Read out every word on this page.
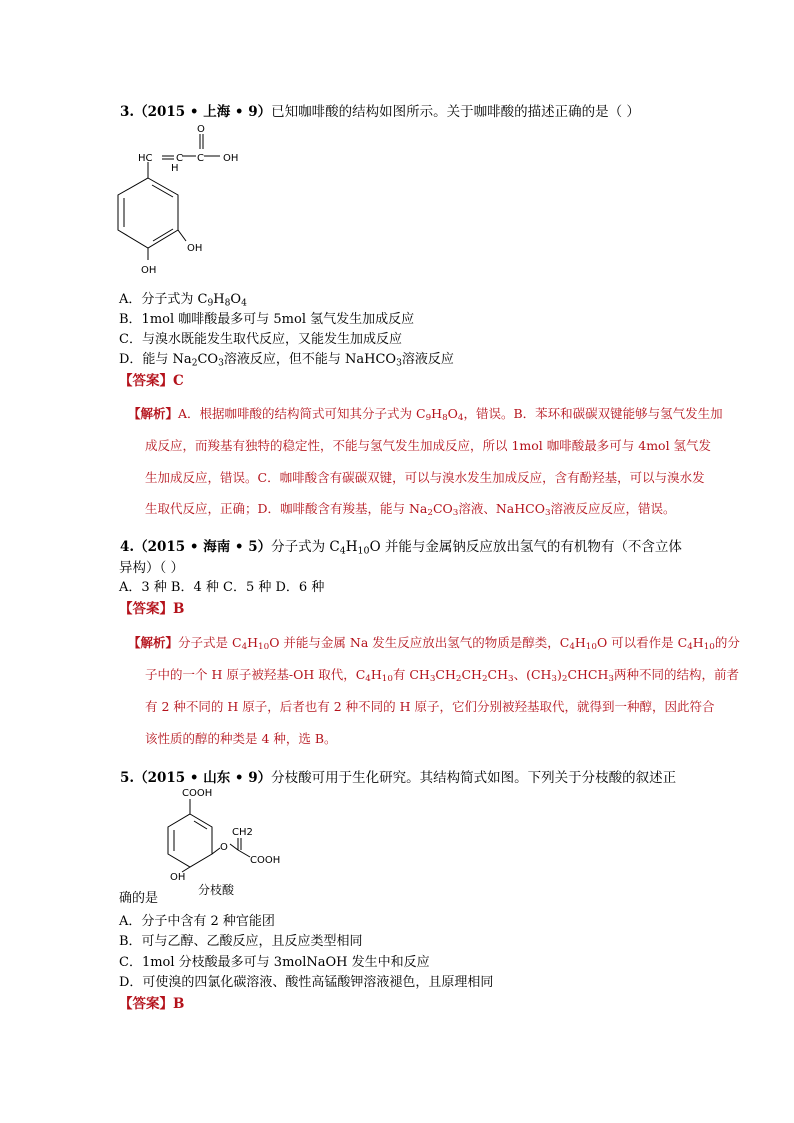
3.（2015 • 上海 • 9）已知咖啡酸的结构如图所示。关于咖啡酸的描述正确的是（ ）
O
HC C
H
C OH
OH
OH
A．分子式为 $C_9H_8O_4$
B．1mol 咖啡酸最多可与 5mol 氢气发生加成反应
C．与溴水既能发生取代反应，又能发生加成反应
D．能与 $Na_2CO_3$溶液反应，但不能与 NaHCO$_3$溶液反应
【答案】C
【解析】A．根据咖啡酸的结构简式可知其分子式为 $C_9H_8O_4$，错误。B．苯环和碳碳双键能够与氢气发生加
成反应，而羧基有独特的稳定性，不能与氢气发生加成反应，所以 1mol 咖啡酸最多可与 4mol 氢气发
生加成反应，错误。C．咖啡酸含有碳碳双键，可以与溴水发生加成反应，含有酚羟基，可以与溴水发
生取代反应，正确；D．咖啡酸含有羧基，能与 $Na_2CO_3$溶液、NaHCO$_3$溶液反应反应，错误。
4.（2015 • 海南 • 5）分子式为 $C_4H_{10}O$ 并能与金属钠反应放出氢气的有机物有（不含立体
异构）（ ）
A．3 种 B．4 种 C．5 种 D．6 种
【答案】B
【解析】分子式是 $C_4H_{10}O$ 并能与金属 Na 发生反应放出氢气的物质是醇类，$C_4H_{10}O$ 可以看作是 $C_4H_{10}$的分
子中的一个 H 原子被羟基-OH 取代，$C_4H_{10}$有 $CH_3CH_2CH_2CH_3$、$(CH_3)_2CHCH_3$两种不同的结构，前者
有 2 种不同的 H 原子，后者也有 2 种不同的 H 原子，它们分别被羟基取代，就得到一种醇，因此符合
该性质的醇的种类是 4 种，选 B。
5.（2015 • 山东 • 9）分枝酸可用于生化研究。其结构简式如图。下列关于分枝酸的叙述正
COOH
CH2
O
COOH
OH
分枝酸
确的是
A．分子中含有 2 种官能团
B．可与乙醇、乙酸反应，且反应类型相同
C．1mol 分枝酸最多可与 3molNaOH 发生中和反应
D．可使溴的四氯化碳溶液、酸性高锰酸钾溶液褪色，且原理相同
【答案】B
